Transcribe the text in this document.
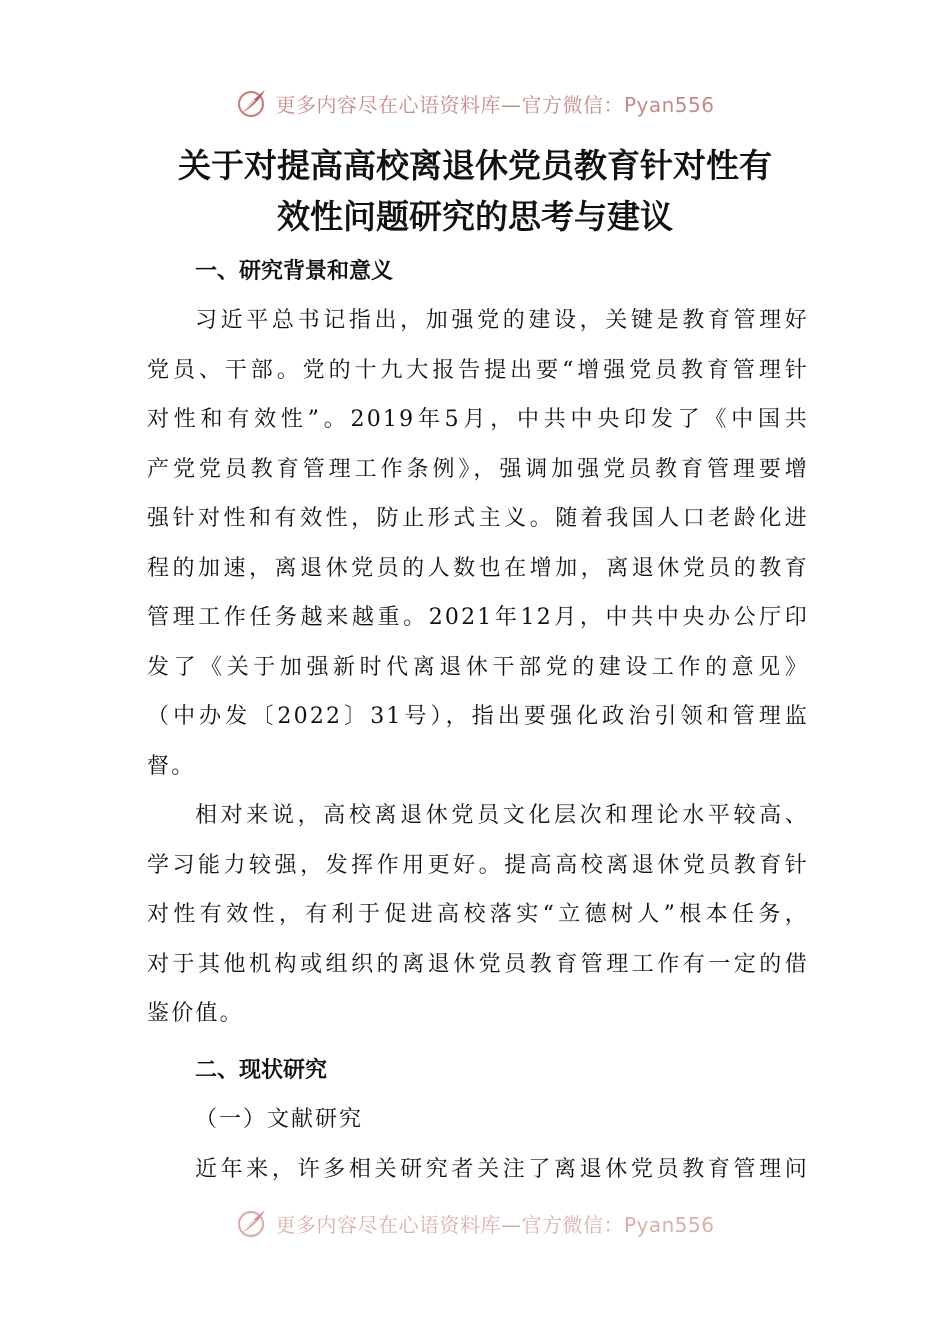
更多内容尽在心语资料库—官方微信：Pyan556
关于对提高高校离退休党员教育针对性有
效性问题研究的思考与建议
一、研究背景和意义
习近平总书记指出，加强党的建设，关键是教育管理好
党员、干部。党的十九大报告提出要“增强党员教育管理针
对性和有效性”。2019年5月，中共中央印发了《中国共
产党党员教育管理工作条例》，强调加强党员教育管理要增
强针对性和有效性，防止形式主义。随着我国人口老龄化进
程的加速，离退休党员的人数也在增加，离退休党员的教育
管理工作任务越来越重。2021年12月，中共中央办公厅印
发了《关于加强新时代离退休干部党的建设工作的意见》
（中办发〔2022〕31号），指出要强化政治引领和管理监
督。
相对来说，高校离退休党员文化层次和理论水平较高、
学习能力较强，发挥作用更好。提高高校离退休党员教育针
对性有效性，有利于促进高校落实“立德树人”根本任务，
对于其他机构或组织的离退休党员教育管理工作有一定的借
鉴价值。
二、现状研究
（一）文献研究
近年来，许多相关研究者关注了离退休党员教育管理问
更多内容尽在心语资料库—官方微信：Pyan556
